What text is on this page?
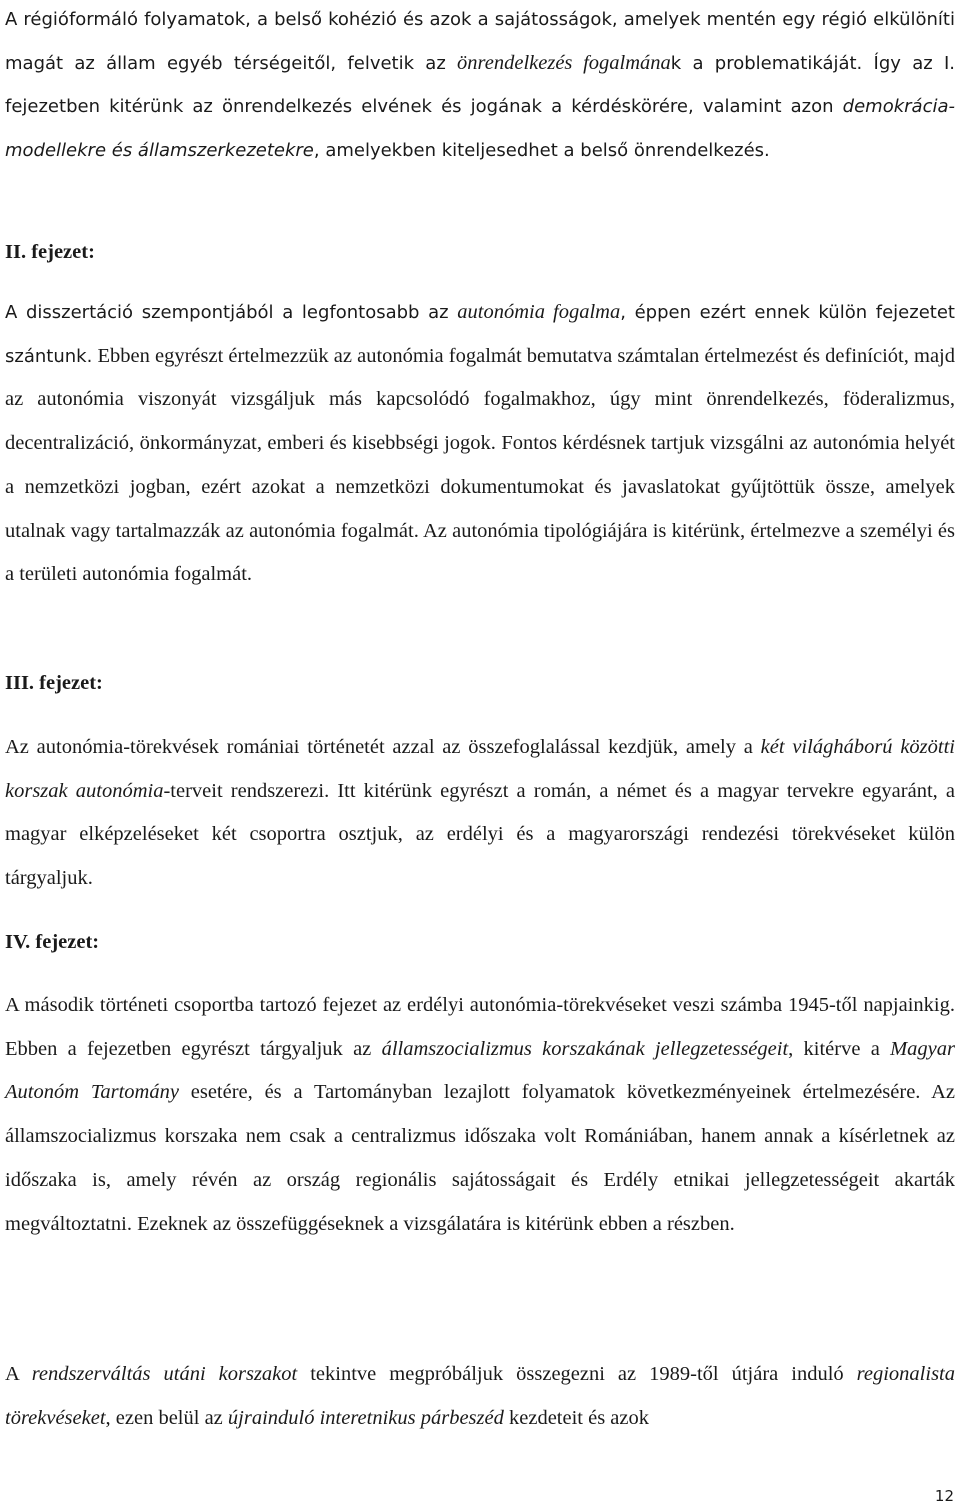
A régióformáló folyamatok, a belső kohézió és azok a sajátosságok, amelyek mentén egy régió elkülöníti magát az állam egyéb térségeitől, felvetik az önrendelkezés fogalmának a problematikáját. Így az I. fejezetben kitérünk az önrendelkezés elvének és jogának a kérdéskörére, valamint azon demokrácia-modellekre és államszerkezetekre, amelyekben kiteljesedhet a belső önrendelkezés.

II. fejezet:

A disszertáció szempontjából a legfontosabb az autonómia fogalma, éppen ezért ennek külön fejezetet szántunk. Ebben egyrészt értelmezzük az autonómia fogalmát bemutatva számtalan értelmezést és definíciót, majd az autonómia viszonyát vizsgáljuk más kapcsolódó fogalmakhoz, úgy mint önrendelkezés, föderalizmus, decentralizáció, önkormányzat, emberi és kisebbségi jogok. Fontos kérdésnek tartjuk vizsgálni az autonómia helyét a nemzetközi jogban, ezért azokat a nemzetközi dokumentumokat és javaslatokat gyűjtöttük össze, amelyek utalnak vagy tartalmazzák az autonómia fogalmát. Az autonómia tipológiájára is kitérünk, értelmezve a személyi és a területi autonómia fogalmát.

III. fejezet:

Az autonómia-törekvések romániai történetét azzal az összefoglalással kezdjük, amely a két világháború közötti korszak autonómia-terveit rendszerezi. Itt kitérünk egyrészt a román, a német és a magyar tervekre egyaránt, a magyar elképzeléseket két csoportra osztjuk, az erdélyi és a magyarországi rendezési törekvéseket külön tárgyaljuk.

IV. fejezet:

A második történeti csoportba tartozó fejezet az erdélyi autonómia-törekvéseket veszi számba 1945-től napjainkig. Ebben a fejezetben egyrészt tárgyaljuk az államszocializmus korszakának jellegzetességeit, kitérve a Magyar Autonóm Tartomány esetére, és a Tartományban lezajlott folyamatok következményeinek értelmezésére. Az államszocializmus korszaka nem csak a centralizmus időszaka volt Romániában, hanem annak a kísérletnek az időszaka is, amely révén az ország regionális sajátosságait és Erdély etnikai jellegzetességeit akarták megváltoztatni. Ezeknek az összefüggéseknek a vizsgálatára is kitérünk ebben a részben.

A rendszerváltás utáni korszakot tekintve megpróbáljuk összegezni az 1989-től útjára induló regionalista törekvéseket, ezen belül az újrainduló interetnikus párbeszéd kezdeteit és azok

12
